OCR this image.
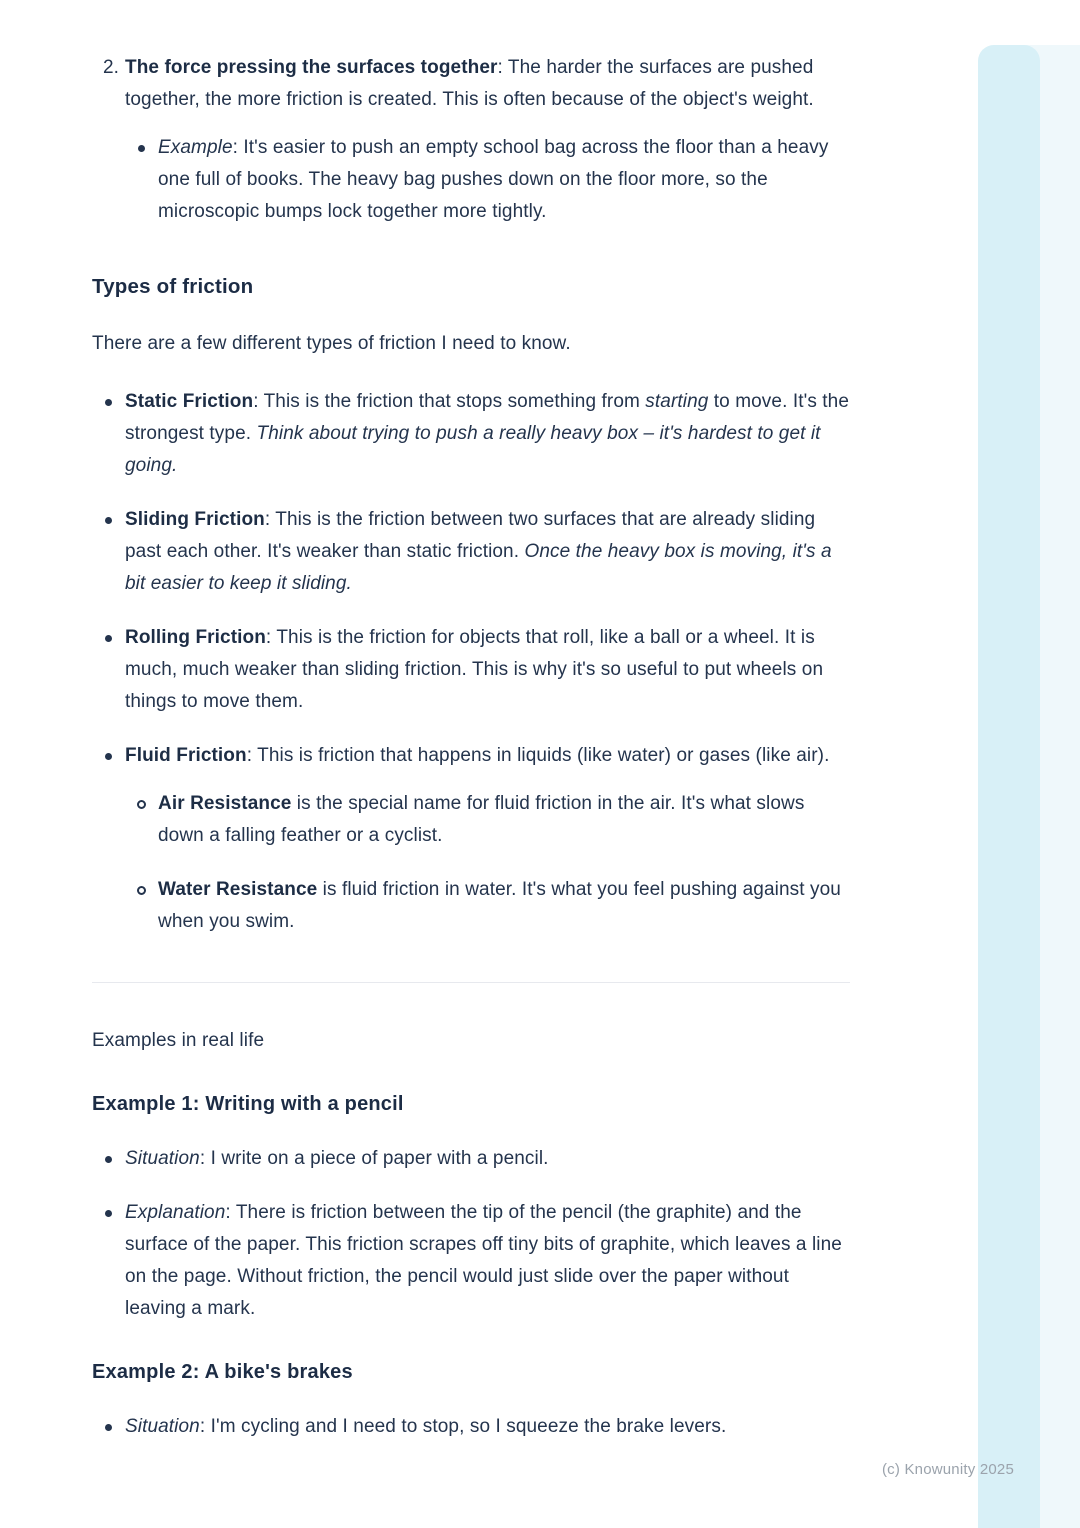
2. The force pressing the surfaces together: The harder the surfaces are pushed together, the more friction is created. This is often because of the object's weight.

Example: It's easier to push an empty school bag across the floor than a heavy one full of books. The heavy bag pushes down on the floor more, so the microscopic bumps lock together more tightly.
Types of friction

There are a few different types of friction I need to know.

Static Friction: This is the friction that stops something from starting to move. It's the strongest type. Think about trying to push a really heavy box – it's hardest to get it going.
Sliding Friction: This is the friction between two surfaces that are already sliding past each other. It's weaker than static friction. Once the heavy box is moving, it's a bit easier to keep it sliding.
Rolling Friction: This is the friction for objects that roll, like a ball or a wheel. It is much, much weaker than sliding friction. This is why it's so useful to put wheels on things to move them.

Fluid Friction: This is friction that happens in liquids (like water) or gases (like air).

Air Resistance is the special name for fluid friction in the air. It's what slows down a falling feather or a cyclist.
Water Resistance is fluid friction in water. It's what you feel pushing against you when you swim.

Examples in real life

Example 1: Writing with a pencil
Situation: I write on a piece of paper with a pencil.
Explanation: There is friction between the tip of the pencil (the graphite) and the surface of the paper. This friction scrapes off tiny bits of graphite, which leaves a line on the page. Without friction, the pencil would just slide over the paper without leaving a mark.
Example 2: A bike's brakes
Situation: I'm cycling and I need to stop, so I squeeze the brake levers.
(c) Knowunity 2025
